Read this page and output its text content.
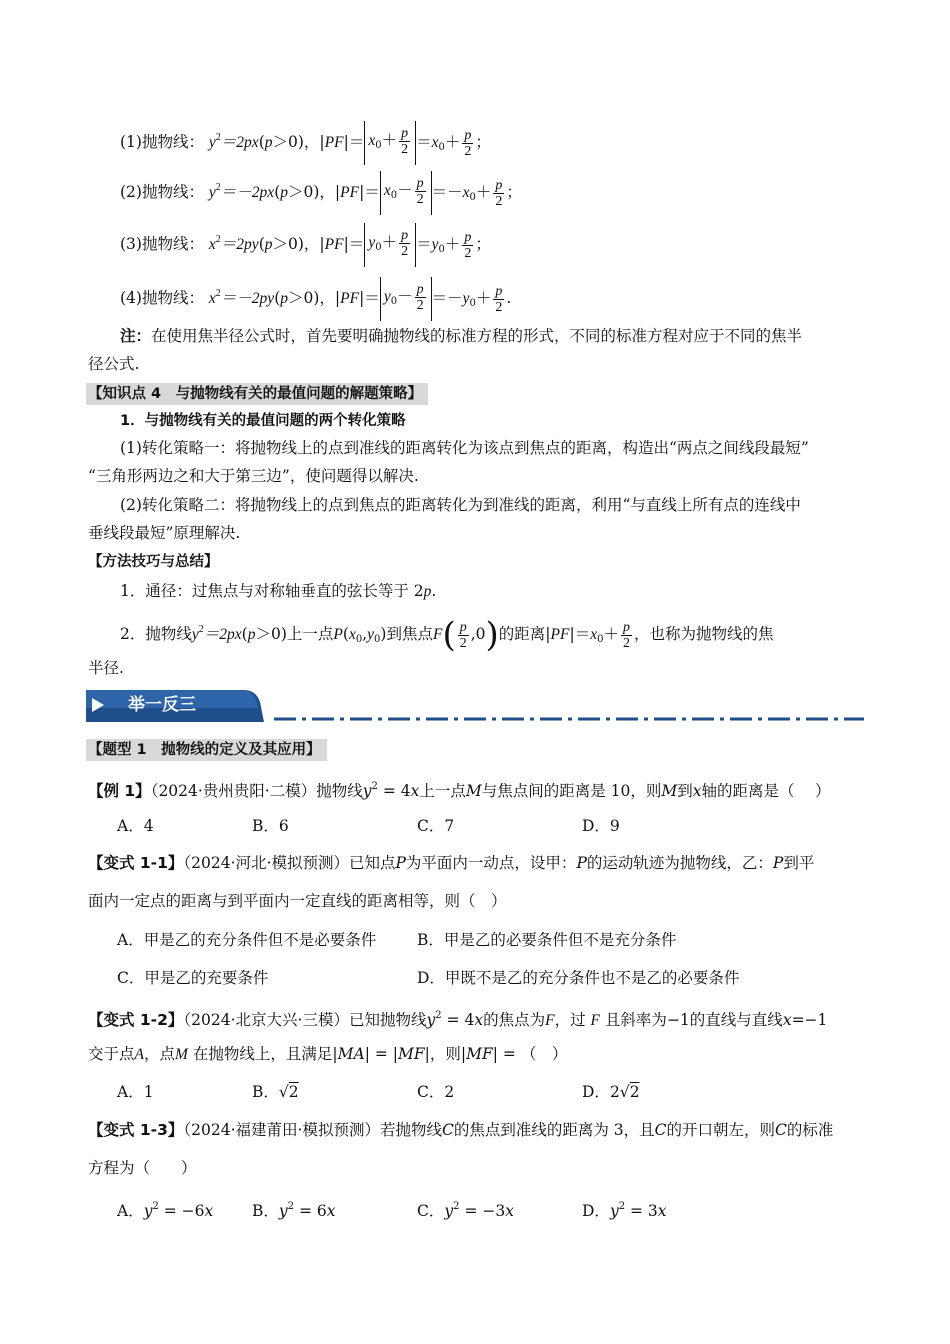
(1)抛物线： $y^2=2px(p>0)$，$|PF|= x_0+ \frac{p}{2} =x_0+ \frac{p}{2}$ ；
(2)抛物线： $y^2=-2px(p>0)$，$|PF|= x_0- \frac{p}{2} =-x_0+ \frac{p}{2}$ ；
(3)抛物线： $x^2=2py(p>0)$，$|PF|= y_0+ \frac{p}{2} =y_0+ \frac{p}{2}$ ；
(4)抛物线： $x^2=-2py(p>0)$，$|PF|= y_0- \frac{p}{2} =-y_0+ \frac{p}{2}$ .
注：在使用焦半径公式时，首先要明确抛物线的标准方程的形式，不同的标准方程对应于不同的焦半
径公式.
【知识点 4　与抛物线有关的最值问题的解题策略】
1．与抛物线有关的最值问题的两个转化策略
(1)转化策略一：将抛物线上的点到准线的距离转化为该点到焦点的距离，构造出“两点之间线段最短”
“三角形两边之和大于第三边”，使问题得以解决.
(2)转化策略二：将抛物线上的点到焦点的距离转化为到准线的距离，利用“与直线上所有点的连线中
垂线段最短”原理解决.
【方法技巧与总结】
1．通径：过焦点与对称轴垂直的弦长等于 2p.
2．抛物线$y^2=2px(p>0)$上一点$P(x_0,y_0)$到焦点$F( \frac{p}{2} ,0)$的距离$|PF|=x_0+ \frac{p}{2}$ ，也称为抛物线的焦
半径.
举一反三
【题型 1　抛物线的定义及其应用】
【例 1】（2024·贵州贵阳·二模）抛物线$y^2 = 4x$上一点M与焦点间的距离是 10，则M到x轴的距离是（　 ）
A．4	B．6	C．7	D．9
【变式 1-1】（2024·河北·模拟预测）已知点P为平面内一动点，设甲：P的运动轨迹为抛物线，乙：P到平
面内一定点的距离与到平面内一定直线的距离相等，则（　）
A．甲是乙的充分条件但不是必要条件	B．甲是乙的必要条件但不是充分条件
C．甲是乙的充要条件	D．甲既不是乙的充分条件也不是乙的必要条件
【变式 1-2】（2024·北京大兴·三模）已知抛物线$y^2 = 4x$的焦点为F，过 F 且斜率为−1的直线与直线x=−1
交于点A，点M 在抛物线上，且满足|MA| = |MF|，则|MF| = （　）
A．1	B．√2	C．2	D．2√2
【变式 1-3】（2024·福建莆田·模拟预测）若抛物线C的焦点到准线的距离为 3，且C的开口朝左，则C的标准
方程为（　　）
A．$y^2 = -6x$ B．$y^2 = 6x$	C．$y^2 = -3x$	D．$y^2 = 3x$
